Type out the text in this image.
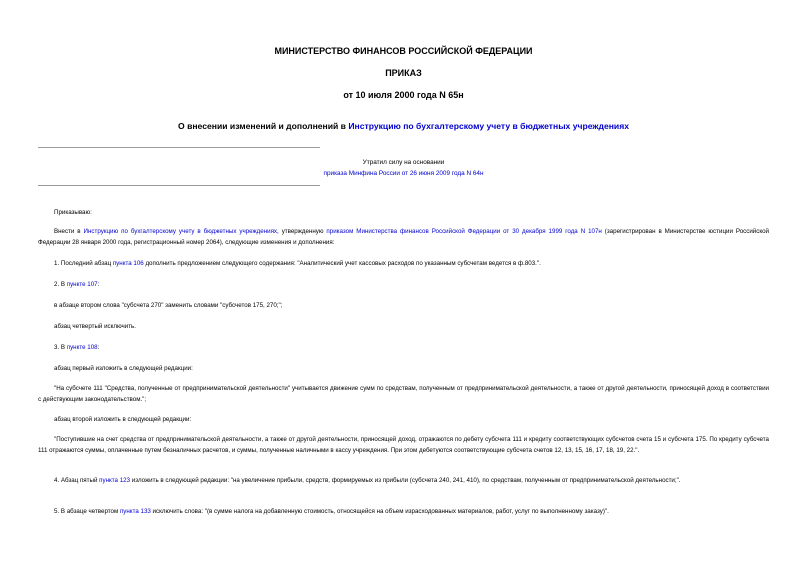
МИНИСТЕРСТВО ФИНАНСОВ РОССИЙСКОЙ ФЕДЕРАЦИИ
ПРИКАЗ
от 10 июля 2000 года N 65н
О внесении изменений и дополнений в Инструкцию по бухгалтерскому учету в бюджетных учреждениях
Утратил силу на основании
приказа Минфина России от 26 июня 2009 года N 64н
Приказываю:
Внести в Инструкцию по бухгалтерскому учету в бюджетных учреждениях, утвержденную приказом Министерства финансов Российской Федерации от 30 декабря 1999 года N 107н (зарегистрирован в Министерстве юстиции Российской Федерации 28 января 2000 года, регистрационный номер 2064), следующие изменения и дополнения:
1. Последний абзац пункта 106 дополнить предложением следующего содержания: "Аналитический учет кассовых расходов по указанным субсчетам ведется в ф.803.".
2. В пункте 107:
в абзаце втором слова "субсчета 270" заменить словами "субсчетов 175, 270;";
абзац четвертый исключить.
3. В пункте 108:
абзац первый изложить в следующей редакции:
"На субсчете 111 "Средства, полученные от предпринимательской деятельности" учитывается движение сумм по средствам, полученным от предпринимательской деятельности, а также от другой деятельности, приносящей доход в соответствии с действующим законодательством.";
абзац второй изложить в следующей редакции:
"Поступившие на счет средства от предпринимательской деятельности, а также от другой деятельности, приносящей доход, отражаются по дебету субсчета 111 и кредиту соответствующих субсчетов счета 15 и субсчета 175. По кредиту субсчета 111 отражаются суммы, оплаченные путем безналичных расчетов, и суммы, полученные наличными в кассу учреждения. При этом дебетуются соответствующие субсчета счетов 12, 13, 15, 16, 17, 18, 19, 22.".
4. Абзац пятый пункта 123 изложить в следующей редакции: "на увеличение прибыли, средств, формируемых из прибыли (субсчета 240, 241, 410), по средствам, полученным от предпринимательской деятельности;".
5. В абзаце четвертом пункта 133 исключить слова: "(в сумме налога на добавленную стоимость, относящейся на объем израсходованных материалов, работ, услуг по выполненному заказу)".
